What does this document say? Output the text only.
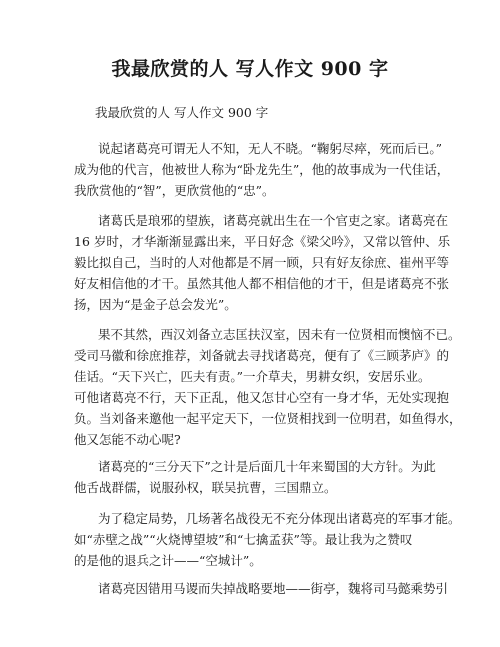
我最欣赏的人 写人作文 900 字
我最欣赏的人 写人作文 900 字
说起诸葛亮可谓无人不知，无人不晓。“鞠躬尽瘁，死而后已。”
成为他的代言，他被世人称为“卧龙先生”，他的故事成为一代佳话，
我欣赏他的“智”，更欣赏他的“忠”。
诸葛氏是琅邪的望族，诸葛亮就出生在一个官吏之家。诸葛亮在
16 岁时，才华渐渐显露出来，平日好念《梁父吟》，又常以管仲、乐
毅比拟自己，当时的人对他都是不屑一顾，只有好友徐庶、崔州平等
好友相信他的才干。虽然其他人都不相信他的才干，但是诸葛亮不张
扬，因为“是金子总会发光”。
果不其然，西汉刘备立志匡扶汉室，因未有一位贤相而懊恼不已。
受司马徽和徐庶推荐，刘备就去寻找诸葛亮，便有了《三顾茅庐》的
佳话。“天下兴亡，匹夫有责。”一介草夫，男耕女织，安居乐业。
可他诸葛亮不行，天下正乱，他又怎甘心空有一身才华，无处实现抱
负。当刘备来邀他一起平定天下，一位贤相找到一位明君，如鱼得水，
他又怎能不动心呢?
诸葛亮的“三分天下”之计是后面几十年来蜀国的大方针。为此
他舌战群儒，说服孙权，联吴抗曹，三国鼎立。
为了稳定局势，几场著名战役无不充分体现出诸葛亮的军事才能。
如“赤壁之战”“火烧博望坡”和“七擒孟获”等。最让我为之赞叹
的是他的退兵之计——“空城计”。
诸葛亮因错用马谡而失掉战略要地——街亭，魏将司马懿乘势引
